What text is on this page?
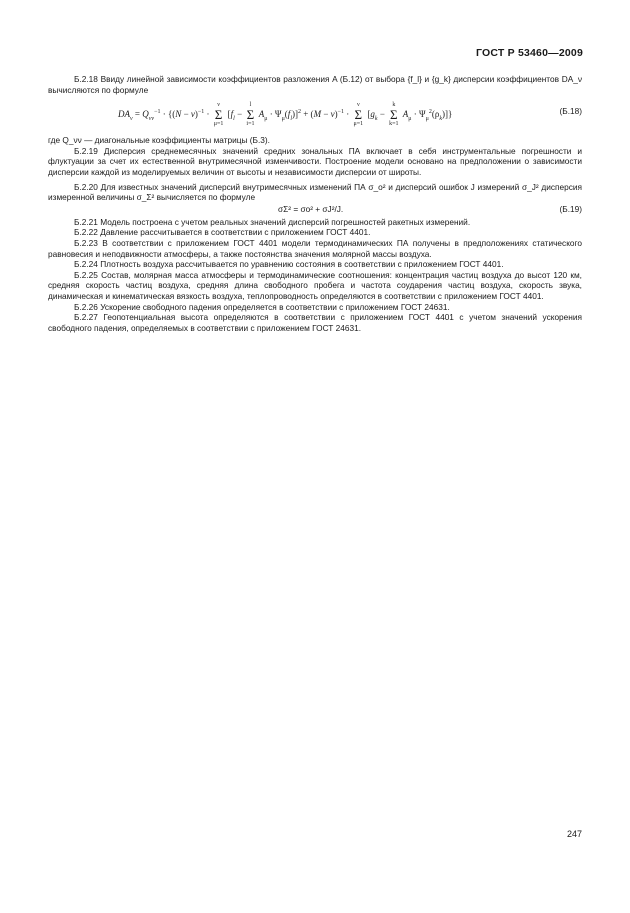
ГОСТ Р 53460—2009

Б.2.18 Ввиду линейной зависимости коэффициентов разложения A (Б.12) от выбора {f_l} и {g_k} дисперсии коэффициентов DA_ν вычисляются по формуле

$DA_\nu = Q_{\nu\nu}^{-1} \cdot \{(N - \nu)^{-1} \cdot \nu$
Σ
μ=1 [$f_l - l$
Σ
i=1 $A_\mu \cdot \Psi_\mu(f_l)]^2 + (M - \nu)^{-1} \cdot \nu$
Σ
μ=1 [$g_k - k$
Σ
k=1 $A_\mu \cdot \Psi_\mu^2(\rho_k)$]}	(Б.18)

где Q_νν — диагональные коэффициенты матрицы (Б.3).

Б.2.19 Дисперсия среднемесячных значений средних зональных ПА включает в себя инструментальные погрешности и флуктуации за счет их естественной внутримесячной изменчивости. Построение модели основано на предположении о зависимости дисперсии каждой из моделируемых величин от высоты и независимости дисперсии от широты.

Б.2.20 Для известных значений дисперсий внутримесячных изменений ПА σ_o² и дисперсий ошибок J измерений σ_J² дисперсия измеренной величины σ_Σ² вычисляется по формуле

σΣ² = σo² + σJ²/J.	(Б.19)

Б.2.21 Модель построена с учетом реальных значений дисперсий погрешностей ракетных измерений.

Б.2.22 Давление рассчитывается в соответствии с приложением ГОСТ 4401.

Б.2.23 В соответствии с приложением ГОСТ 4401 модели термодинамических ПА получены в предположениях статического равновесия и неподвижности атмосферы, а также постоянства значения молярной массы воздуха.

Б.2.24 Плотность воздуха рассчитывается по уравнению состояния в соответствии с приложением ГОСТ 4401.

Б.2.25 Состав, молярная масса атмосферы и термодинамические соотношения: концентрация частиц воздуха до высот 120 км, средняя скорость частиц воздуха, средняя длина свободного пробега и частота соударения частиц воздуха, скорость звука, динамическая и кинематическая вязкость воздуха, теплопроводность определяются в соответствии с приложением ГОСТ 4401.

Б.2.26 Ускорение свободного падения определяется в соответствии с приложением ГОСТ 24631.

Б.2.27 Геопотенциальная высота определяются в соответствии с приложением ГОСТ 4401 с учетом значений ускорения свободного падения, определяемых в соответствии с приложением ГОСТ 24631.

247
